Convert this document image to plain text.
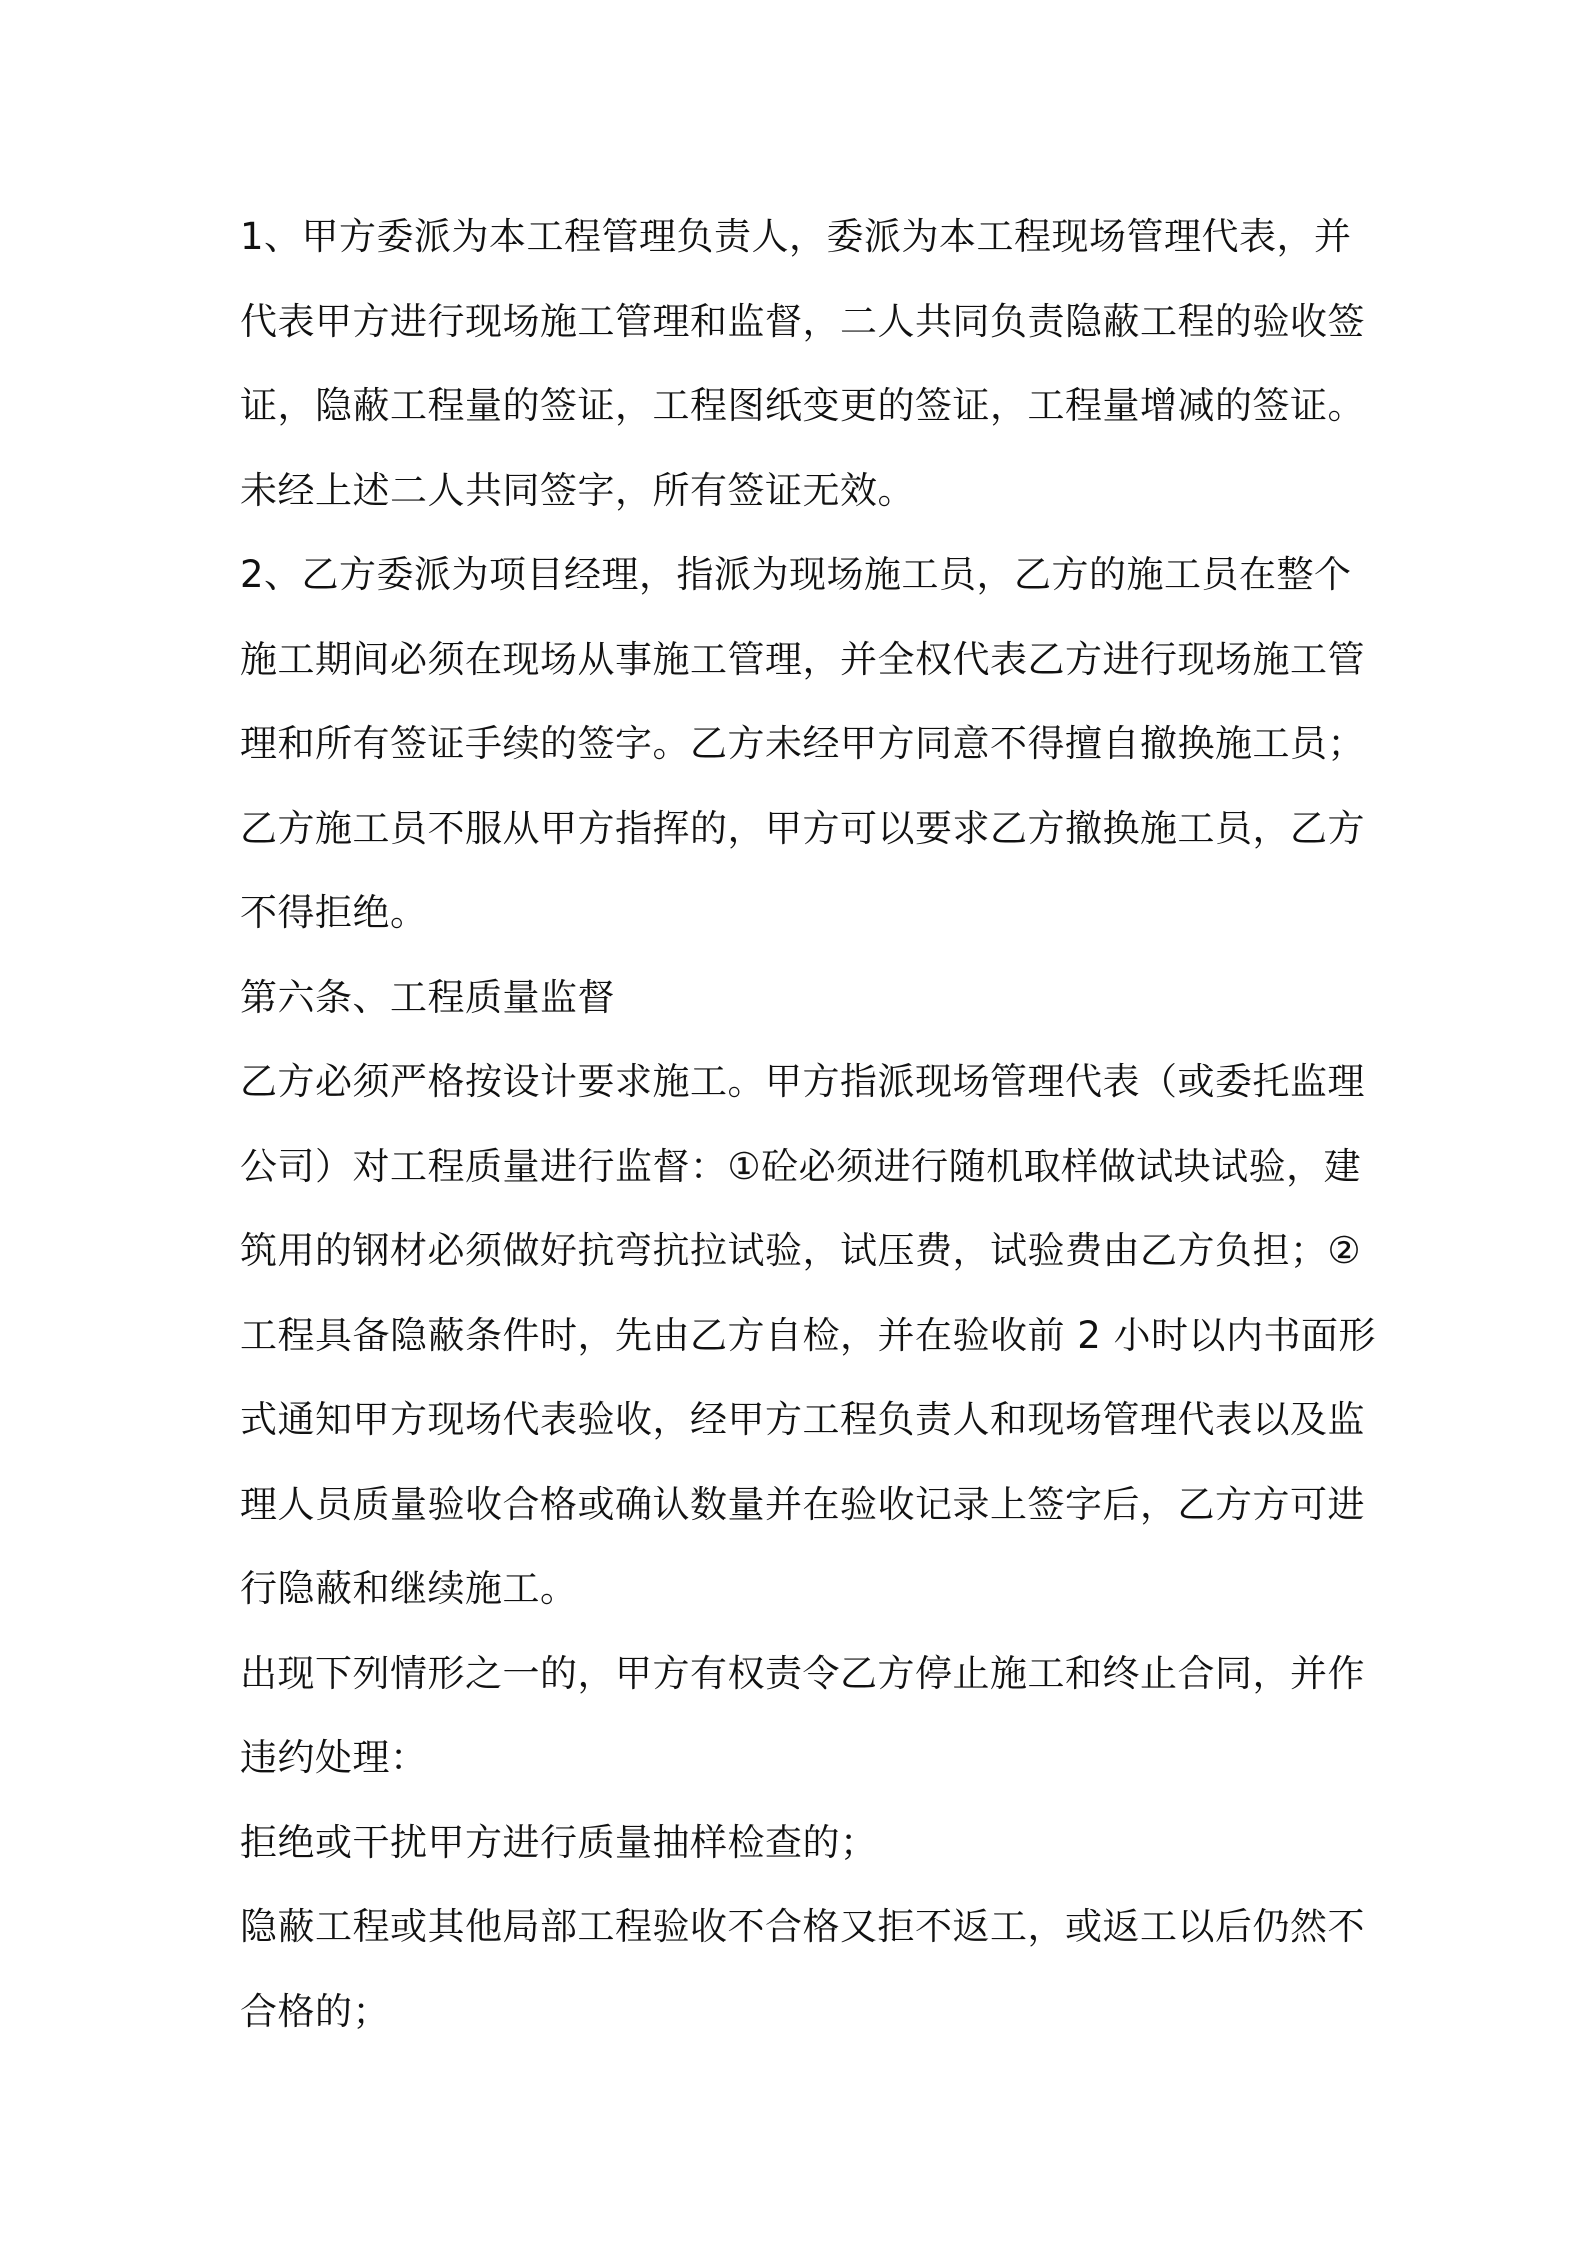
1、甲方委派为本工程管理负责人，委派为本工程现场管理代表，并
代表甲方进行现场施工管理和监督，二人共同负责隐蔽工程的验收签
证，隐蔽工程量的签证，工程图纸变更的签证，工程量增减的签证。
未经上述二人共同签字，所有签证无效。

2、乙方委派为项目经理，指派为现场施工员，乙方的施工员在整个
施工期间必须在现场从事施工管理，并全权代表乙方进行现场施工管
理和所有签证手续的签字。乙方未经甲方同意不得擅自撤换施工员；
乙方施工员不服从甲方指挥的，甲方可以要求乙方撤换施工员，乙方
不得拒绝。

第六条、工程质量监督

乙方必须严格按设计要求施工。甲方指派现场管理代表（或委托监理
公司）对工程质量进行监督：①砼必须进行随机取样做试块试验，建
筑用的钢材必须做好抗弯抗拉试验，试压费，试验费由乙方负担；②
工程具备隐蔽条件时，先由乙方自检，并在验收前 2 小时以内书面形
式通知甲方现场代表验收，经甲方工程负责人和现场管理代表以及监
理人员质量验收合格或确认数量并在验收记录上签字后，乙方方可进
行隐蔽和继续施工。

出现下列情形之一的，甲方有权责令乙方停止施工和终止合同，并作
违约处理：

拒绝或干扰甲方进行质量抽样检查的；

隐蔽工程或其他局部工程验收不合格又拒不返工，或返工以后仍然不
合格的；
